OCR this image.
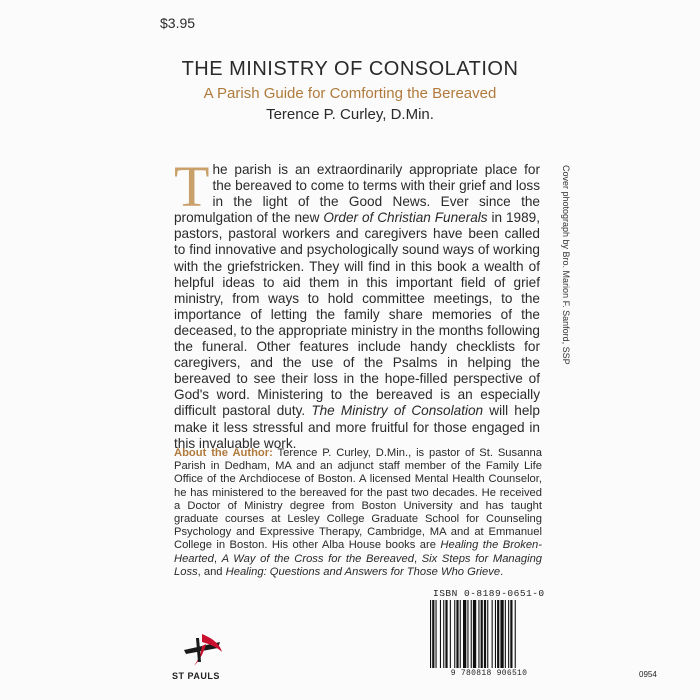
$3.95
THE MINISTRY OF CONSOLATION
A Parish Guide for Comforting the Bereaved
Terence P. Curley, D.Min.
The parish is an extraordinarily appropriate place for the bereaved to come to terms with their grief and loss in the light of the Good News. Ever since the promulgation of the new Order of Christian Funerals in 1989, pastors, pastoral workers and caregivers have been called to find innovative and psychologically sound ways of working with the griefstricken. They will find in this book a wealth of helpful ideas to aid them in this important field of grief ministry, from ways to hold committee meetings, to the importance of letting the family share memories of the deceased, to the appropriate ministry in the months following the funeral. Other features include handy checklists for caregivers, and the use of the Psalms in helping the bereaved to see their loss in the hope-filled perspective of God's word. Ministering to the bereaved is an especially difficult pastoral duty. The Ministry of Consolation will help make it less stressful and more fruitful for those engaged in this invaluable work.
About the Author: Terence P. Curley, D.Min., is pastor of St. Susanna Parish in Dedham, MA and an adjunct staff member of the Family Life Office of the Archdiocese of Boston. A licensed Mental Health Counselor, he has ministered to the bereaved for the past two decades. He received a Doctor of Ministry degree from Boston University and has taught graduate courses at Lesley College Graduate School for Counseling Psychology and Expressive Therapy, Cambridge, MA and at Emmanuel College in Boston. His other Alba House books are Healing the Broken-Hearted, A Way of the Cross for the Bereaved, Six Steps for Managing Loss, and Healing: Questions and Answers for Those Who Grieve.
Cover photograph by Bro. Marion F. Sanford, SSP
ISBN 0-8189-0651-0
9 780818 906510
ST PAULS	0954
